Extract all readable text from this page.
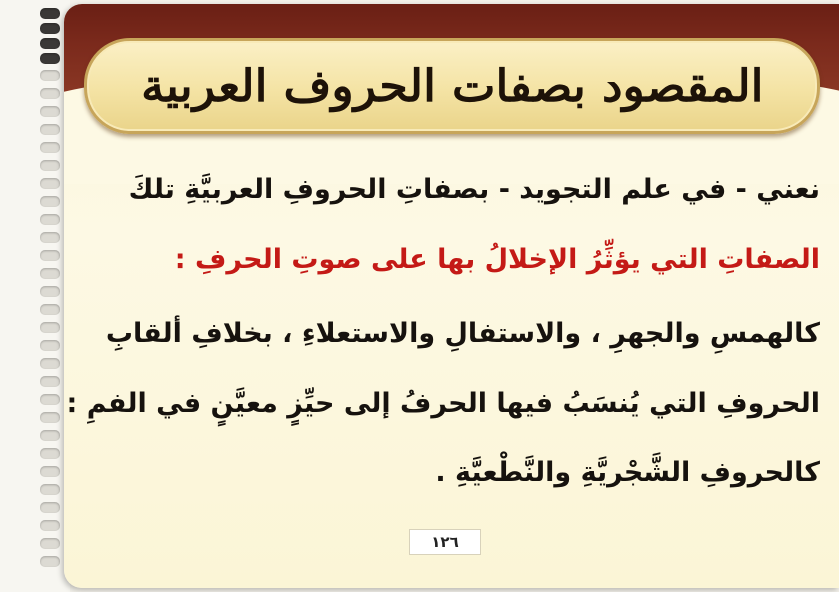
المقصود بصفات الحروف العربية
نعني - في علم التجويد - بصفاتِ الحروفِ العربيَّةِ تلكَ
الصفاتِ التي يؤثِّرُ الإخلالُ بها على صوتِ الحرفِ :
كالهمسِ والجهرِ ، والاستفالِ والاستعلاءِ ، بخلافِ ألقابِ
الحروفِ التي يُنسَبُ فيها الحرفُ إلى حيِّزٍ معيَّنٍ في الفمِ :
كالحروفِ الشَّجْريَّةِ والنَّطْعيَّةِ .
١٢٦
